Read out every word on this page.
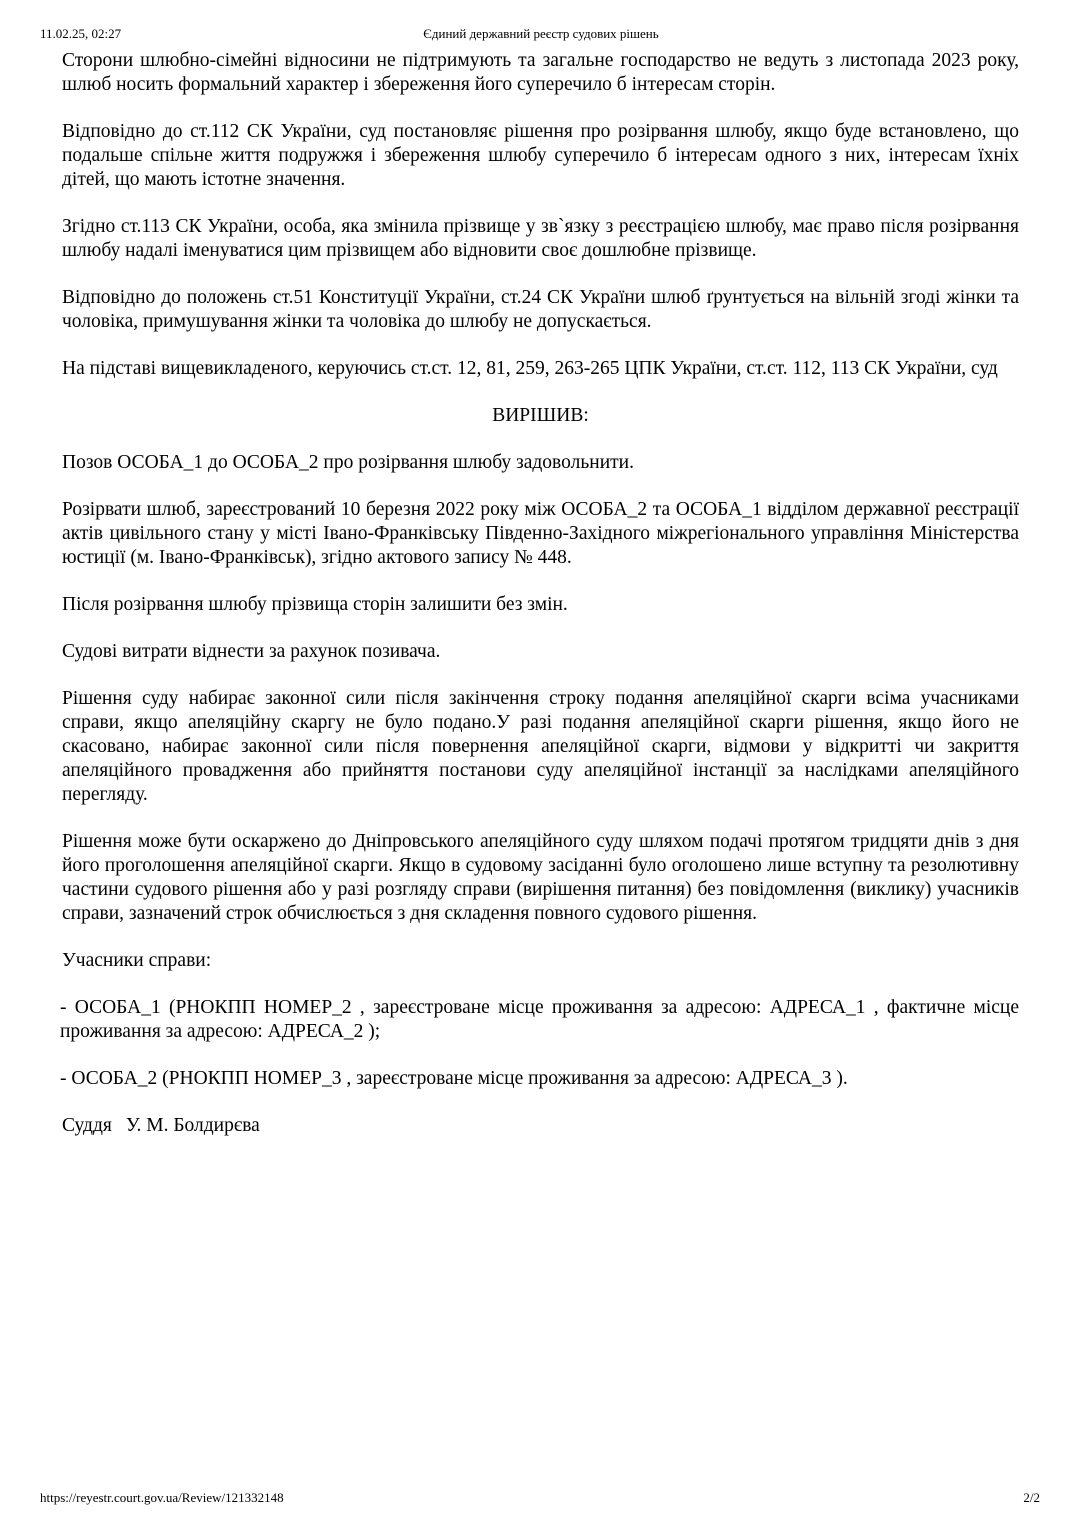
11.02.25, 02:27	Єдиний державний реєстр судових рішень

Сторони шлюбно-сімейні відносини не підтримують та загальне господарство не ведуть з листопада 2023 року, шлюб носить формальний характер і збереження його суперечило б інтересам сторін.

Відповідно до ст.112 СК України, суд постановляє рішення про розірвання шлюбу, якщо буде встановлено, що подальше спільне життя подружжя і збереження шлюбу суперечило б інтересам одного з них, інтересам їхніх дітей, що мають істотне значення.

Згідно ст.113 СК України, особа, яка змінила прізвище у зв`язку з реєстрацією шлюбу, має право після розірвання шлюбу надалі іменуватися цим прізвищем або відновити своє дошлюбне прізвище.

Відповідно до положень ст.51 Конституції України, ст.24 СК України шлюб ґрунтується на вільній згоді жінки та чоловіка, примушування жінки та чоловіка до шлюбу не допускається.

На підставі вищевикладеного, керуючись ст.ст. 12, 81, 259, 263-265 ЦПК України, ст.ст. 112, 113 СК України, суд

ВИРІШИВ:

Позов ОСОБА_1 до ОСОБА_2 про розірвання шлюбу задовольнити.

Розірвати шлюб, зареєстрований 10 березня 2022 року між ОСОБА_2 та ОСОБА_1 відділом державної реєстрації актів цивільного стану у місті Івано-Франківську Південно-Західного міжрегіонального управління Міністерства юстиції (м. Івано-Франківськ), згідно актового запису № 448.

Після розірвання шлюбу прізвища сторін залишити без змін.

Судові витрати віднести за рахунок позивача.

Рішення суду набирає законної сили після закінчення строку подання апеляційної скарги всіма учасниками справи, якщо апеляційну скаргу не було подано.У разі подання апеляційної скарги рішення, якщо його не скасовано, набирає законної сили після повернення апеляційної скарги, відмови у відкритті чи закриття апеляційного провадження або прийняття постанови суду апеляційної інстанції за наслідками апеляційного перегляду.

Рішення може бути оскаржено до Дніпровського апеляційного суду шляхом подачі протягом тридцяти днів з дня його проголошення апеляційної скарги. Якщо в судовому засіданні було оголошено лише вступну та резолютивну частини судового рішення або у разі розгляду справи (вирішення питання) без повідомлення (виклику) учасників справи, зазначений строк обчислюється з дня складення повного судового рішення.

Учасники справи:

- ОСОБА_1 (РНОКПП НОМЕР_2 , зареєстроване місце проживання за адресою: АДРЕСА_1 , фактичне місце проживання за адресою: АДРЕСА_2 );

- ОСОБА_2 (РНОКПП НОМЕР_3 , зареєстроване місце проживання за адресою: АДРЕСА_3 ).

Суддя У. М. Болдирєва

https://reyestr.court.gov.ua/Review/121332148	2/2
